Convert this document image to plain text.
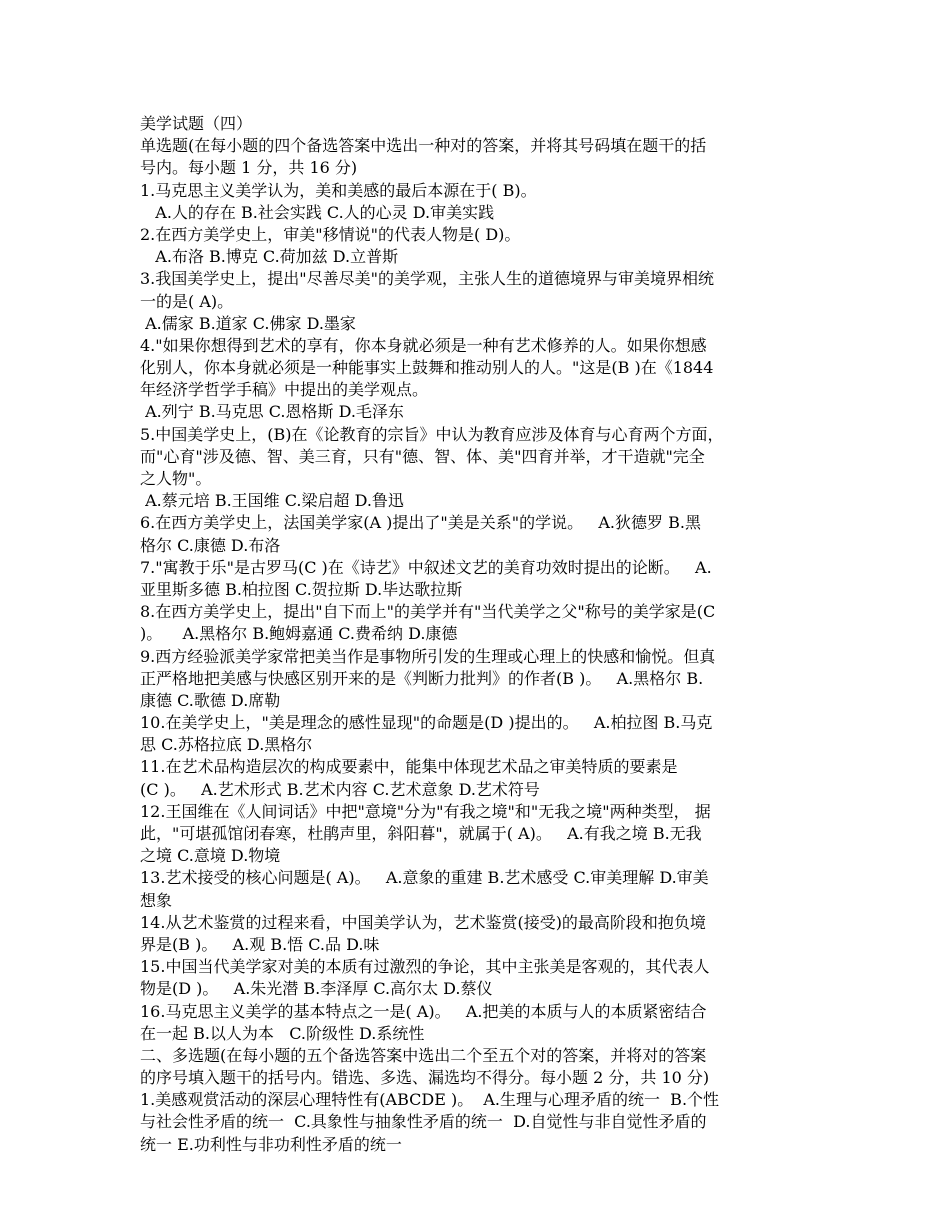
美学试题（四）
单选题(在每小题的四个备选答案中选出一种对的答案，并将其号码填在题干的括
号内。每小题 1 分，共 16 分)
1.马克思主义美学认为，美和美感的最后本源在于( B)。
A.人的存在 B.社会实践 C.人的心灵 D.审美实践
2.在西方美学史上，审美"移情说"的代表人物是( D)。
A.布洛 B.博克 C.荷加兹 D.立普斯
3.我国美学史上，提出"尽善尽美"的美学观，主张人生的道德境界与审美境界相统
一的是( A)。
A.儒家 B.道家 C.佛家 D.墨家
4."如果你想得到艺术的享有，你本身就必须是一种有艺术修养的人。如果你想感
化别人，你本身就必须是一种能事实上鼓舞和推动别人的人。"这是(B )在《1844
年经济学哲学手稿》中提出的美学观点。
A.列宁 B.马克思 C.恩格斯 D.毛泽东
5.中国美学史上，(B)在《论教育的宗旨》中认为教育应涉及体育与心育两个方面，
而"心育"涉及德、智、美三育，只有"德、智、体、美"四育并举，才干造就"完全
之人物"。
A.蔡元培 B.王国维 C.梁启超 D.鲁迅
6.在西方美学史上，法国美学家(A )提出了"美是关系"的学说。   A.狄德罗 B.黑
格尔 C.康德 D.布洛
7."寓教于乐"是古罗马(C )在《诗艺》中叙述文艺的美育功效时提出的论断。   A.
亚里斯多德 B.柏拉图 C.贺拉斯 D.毕达歌拉斯
8.在西方美学史上，提出"自下而上"的美学并有"当代美学之父"称号的美学家是(C
)。    A.黑格尔 B.鲍姆嘉通 C.费希纳 D.康德
9.西方经验派美学家常把美当作是事物所引发的生理或心理上的快感和愉悦。但真
正严格地把美感与快感区别开来的是《判断力批判》的作者(B )。   A.黑格尔 B.
康德 C.歌德 D.席勒
10.在美学史上，"美是理念的感性显现"的命题是(D )提出的。   A.柏拉图 B.马克
思 C.苏格拉底 D.黑格尔
11.在艺术品构造层次的构成要素中，能集中体现艺术品之审美特质的要素是
(C )。   A.艺术形式 B.艺术内容 C.艺术意象 D.艺术符号
12.王国维在《人间词话》中把"意境"分为"有我之境"和"无我之境"两种类型， 据
此，"可堪孤馆闭春寒，杜鹃声里，斜阳暮"，就属于( A)。   A.有我之境 B.无我
之境 C.意境 D.物境
13.艺术接受的核心问题是( A)。   A.意象的重建 B.艺术感受 C.审美理解 D.审美
想象
14.从艺术鉴赏的过程来看，中国美学认为，艺术鉴赏(接受)的最高阶段和抱负境
界是(B )。   A.观 B.悟 C.品 D.味
15.中国当代美学家对美的本质有过激烈的争论，其中主张美是客观的，其代表人
物是(D )。   A.朱光潜 B.李泽厚 C.高尔太 D.蔡仪
16.马克思主义美学的基本特点之一是( A)。   A.把美的本质与人的本质紧密结合
在一起 B.以人为本   C.阶级性 D.系统性
二、多选题(在每小题的五个备选答案中选出二个至五个对的答案，并将对的答案
的序号填入题干的括号内。错选、多选、漏选均不得分。每小题 2 分，共 10 分)
1.美感观赏活动的深层心理特性有(ABCDE )。  A.生理与心理矛盾的统一  B.个性
与社会性矛盾的统一  C.具象性与抽象性矛盾的统一  D.自觉性与非自觉性矛盾的
统一 E.功利性与非功利性矛盾的统一
